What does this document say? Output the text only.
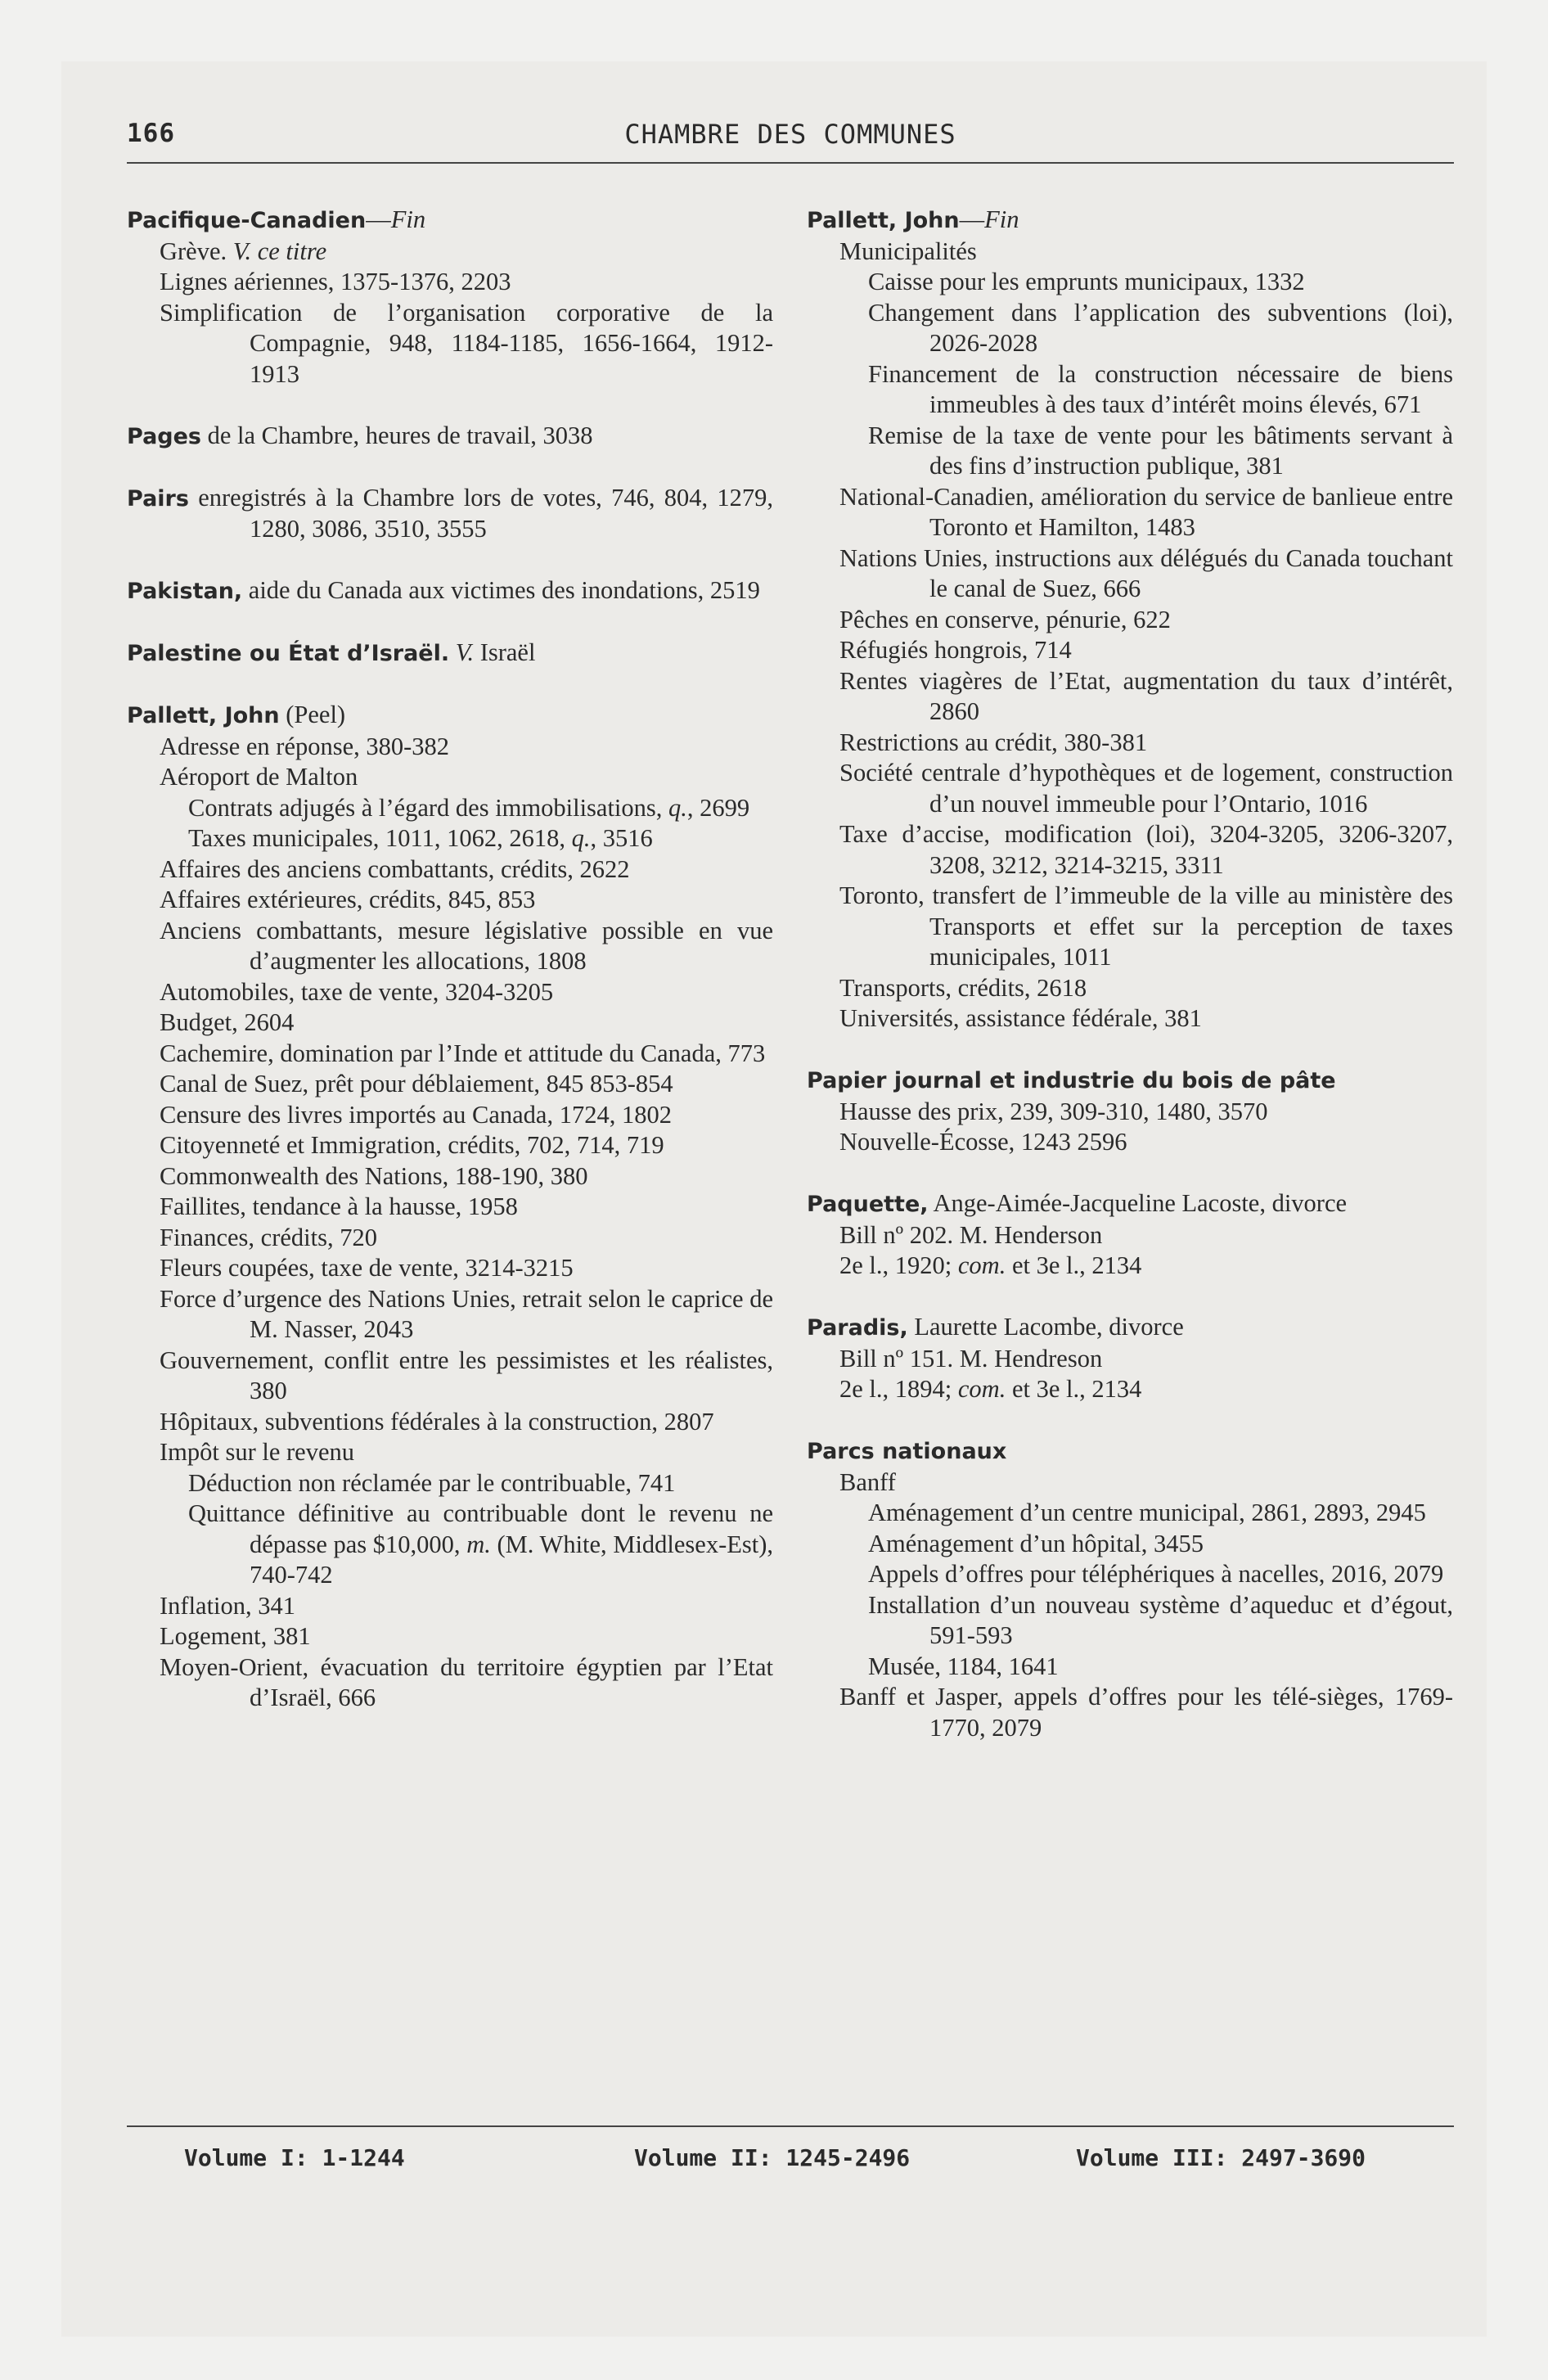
166	CHAMBRE DES COMMUNES

Pacifique-Canadien—Fin

Grève. V. ce titre

Lignes aériennes, 1375-1376, 2203

Simplification de l’organisation corporative de la Compagnie, 948, 1184-1185, 1656-1664, 1912-1913

Pages de la Chambre, heures de travail, 3038

Pairs enregistrés à la Chambre lors de votes, 746, 804, 1279, 1280, 3086, 3510, 3555

Pakistan, aide du Canada aux victimes des inondations, 2519

Palestine ou État d’Israël. V. Israël

Pallett, John (Peel)

Adresse en réponse, 380-382

Aéroport de Malton

Contrats adjugés à l’égard des immobilisations, q., 2699

Taxes municipales, 1011, 1062, 2618, q., 3516

Affaires des anciens combattants, crédits, 2622

Affaires extérieures, crédits, 845, 853

Anciens combattants, mesure législative possible en vue d’augmenter les allocations, 1808

Automobiles, taxe de vente, 3204-3205

Budget, 2604

Cachemire, domination par l’Inde et attitude du Canada, 773

Canal de Suez, prêt pour déblaiement, 845 853-854

Censure des livres importés au Canada, 1724, 1802

Citoyenneté et Immigration, crédits, 702, 714, 719

Commonwealth des Nations, 188-190, 380

Faillites, tendance à la hausse, 1958

Finances, crédits, 720

Fleurs coupées, taxe de vente, 3214-3215

Force d’urgence des Nations Unies, retrait selon le caprice de M. Nasser, 2043

Gouvernement, conflit entre les pessimistes et les réalistes, 380

Hôpitaux, subventions fédérales à la construction, 2807

Impôt sur le revenu

Déduction non réclamée par le contribuable, 741

Quittance définitive au contribuable dont le revenu ne dépasse pas $10,000, m. (M. White, Middlesex-Est), 740-742

Inflation, 341

Logement, 381

Moyen-Orient, évacuation du territoire égyptien par l’Etat d’Israël, 666

Pallett, John—Fin

Municipalités

Caisse pour les emprunts municipaux, 1332

Changement dans l’application des subventions (loi), 2026-2028

Financement de la construction nécessaire de biens immeubles à des taux d’intérêt moins élevés, 671

Remise de la taxe de vente pour les bâtiments servant à des fins d’instruction publique, 381

National-Canadien, amélioration du service de banlieue entre Toronto et Hamilton, 1483

Nations Unies, instructions aux délégués du Canada touchant le canal de Suez, 666

Pêches en conserve, pénurie, 622

Réfugiés hongrois, 714

Rentes viagères de l’Etat, augmentation du taux d’intérêt, 2860

Restrictions au crédit, 380-381

Société centrale d’hypothèques et de logement, construction d’un nouvel immeuble pour l’Ontario, 1016

Taxe d’accise, modification (loi), 3204-3205, 3206-3207, 3208, 3212, 3214-3215, 3311

Toronto, transfert de l’immeuble de la ville au ministère des Transports et effet sur la perception de taxes municipales, 1011

Transports, crédits, 2618

Universités, assistance fédérale, 381

Papier journal et industrie du bois de pâte

Hausse des prix, 239, 309-310, 1480, 3570

Nouvelle-Écosse, 1243 2596

Paquette, Ange-Aimée-Jacqueline Lacoste, divorce

Bill nº 202. M. Henderson

2e l., 1920; com. et 3e l., 2134

Paradis, Laurette Lacombe, divorce

Bill nº 151. M. Hendreson

2e l., 1894; com. et 3e l., 2134

Parcs nationaux

Banff

Aménagement d’un centre municipal, 2861, 2893, 2945

Aménagement d’un hôpital, 3455

Appels d’offres pour téléphériques à nacelles, 2016, 2079

Installation d’un nouveau système d’aqueduc et d’égout, 591-593

Musée, 1184, 1641

Banff et Jasper, appels d’offres pour les télé-sièges, 1769-1770, 2079

Volume I: 1-1244	Volume II: 1245-2496	Volume III: 2497-3690
